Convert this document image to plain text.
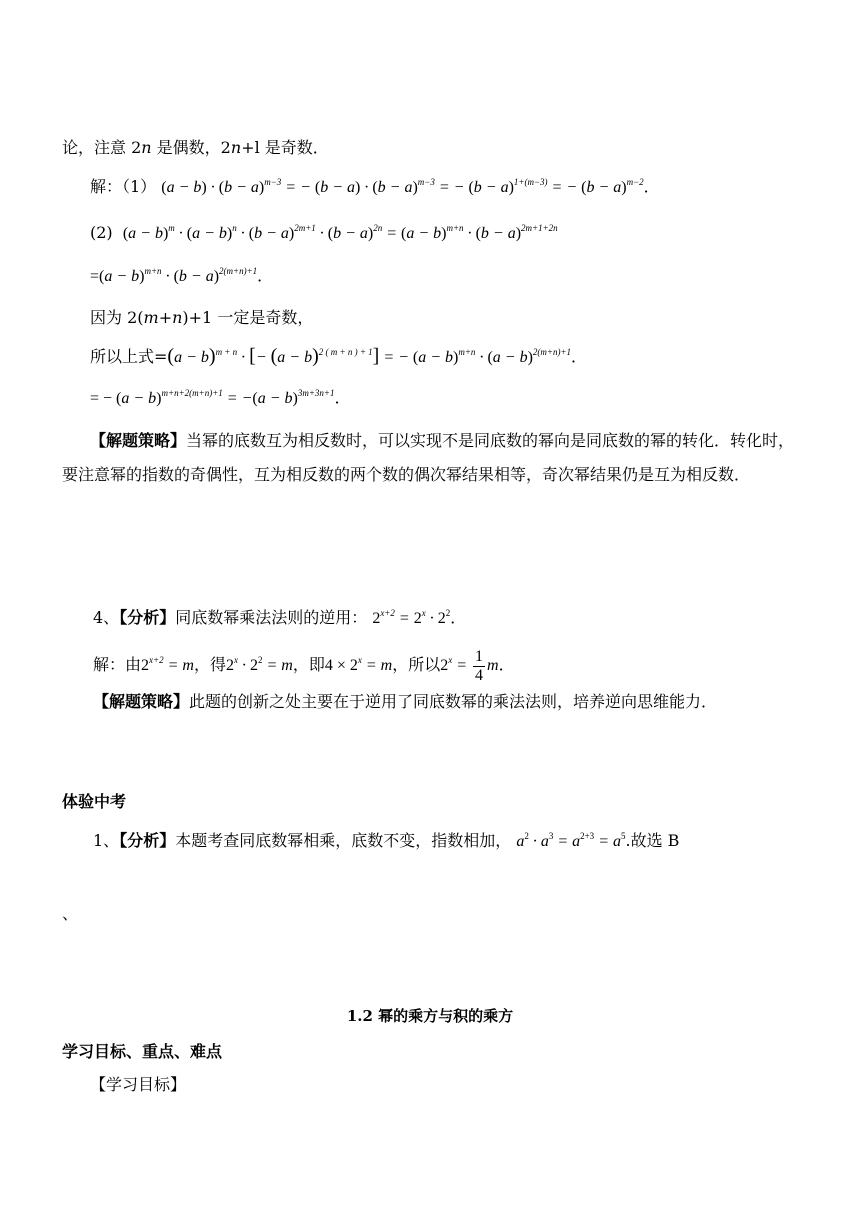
论，注意 2n 是偶数，2n+l 是奇数．
解：（1） $(a - b) \cdot (b - a)^{m-3}$ = − $(b - a) \cdot (b - a)^{m-3}$ = − $(b - a)^{1+(m-3)}$ = − $(b - a)^{m-2}$．
(2) $(a - b)^m \cdot (a - b)^n \cdot (b - a)^{2m+1} \cdot (b - a)^{2n} = (a - b)^{m+n} \cdot (b - a)^{2m+1+2n}$
$=(a - b)^{m+n} \cdot (b - a)^{2(m+n)+1}$．
因为 2(m+n)+1 一定是奇数，
所以上式$=(a - b)^{m + n}$ · [− $(a - b)^{2 ( m + n ) + 1}$] = − $(a - b)^{m+n} \cdot (a - b)^{2(m+n)+1}$．
= − $(a - b)^{m+n+2(m+n)+1} = -(a - b)^{3m+3n+1}$．
【解题策略】当幂的底数互为相反数时，可以实现不是同底数的幂向是同底数的幂的转化．转化时，要注意幂的指数的奇偶性，互为相反数的两个数的偶次幂结果相等，奇次幂结果仍是互为相反数．
4、【分析】同底数幂乘法法则的逆用： $2^{x+2} = 2^x \cdot 2^2$．
解：由$2^{x+2} = m$，得$2^x \cdot 2^2 = m$，即$4 \times 2^x = m$，所以$2^x = \frac{1}{4}$ m．
【解题策略】此题的创新之处主要在于逆用了同底数幂的乘法法则，培养逆向思维能力．
体验中考
1、【分析】本题考查同底数幂相乘，底数不变，指数相加， $a^2 \cdot a^3 = a^{2+3} = a^5$.故选 B
、
1.2 幂的乘方与积的乘方
学习目标、重点、难点
【学习目标】
